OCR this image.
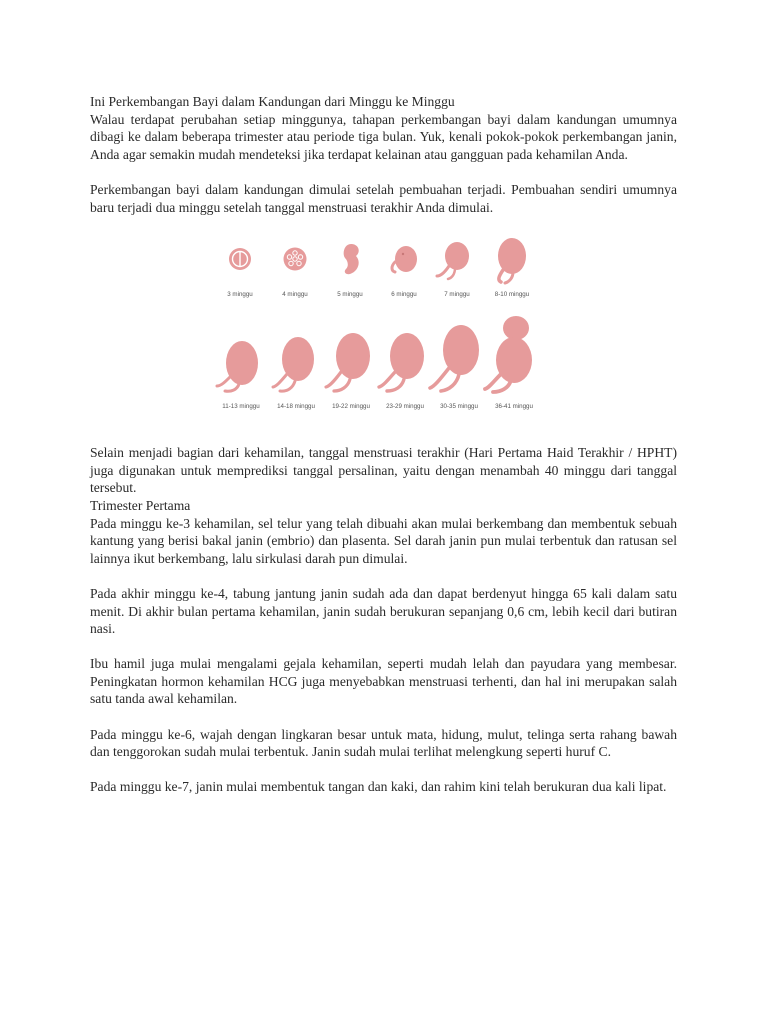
Ini Perkembangan Bayi dalam Kandungan dari Minggu ke Minggu

Walau terdapat perubahan setiap minggunya, tahapan perkembangan bayi dalam kandungan umumnya dibagi ke dalam beberapa trimester atau periode tiga bulan. Yuk, kenali pokok-pokok perkembangan janin, Anda agar semakin mudah mendeteksi jika terdapat kelainan atau gangguan pada kehamilan Anda.

Perkembangan bayi dalam kandungan dimulai setelah pembuahan terjadi. Pembuahan sendiri umumnya baru terjadi dua minggu setelah tanggal menstruasi terakhir Anda dimulai.

3 minggu	4 minggu	5 minggu	6 minggu	7 minggu	8-10 minggu
11-13 minggu	14-18 minggu	19-22 minggu	23-29 minggu	30-35 minggu	36-41 minggu

Selain menjadi bagian dari kehamilan, tanggal menstruasi terakhir (Hari Pertama Haid Terakhir / HPHT) juga digunakan untuk memprediksi tanggal persalinan, yaitu dengan menambah 40 minggu dari tanggal tersebut.

Trimester Pertama

Pada minggu ke-3 kehamilan, sel telur yang telah dibuahi akan mulai berkembang dan membentuk sebuah kantung yang berisi bakal janin (embrio) dan plasenta. Sel darah janin pun mulai terbentuk dan ratusan sel lainnya ikut berkembang, lalu sirkulasi darah pun dimulai.

Pada akhir minggu ke-4, tabung jantung janin sudah ada dan dapat berdenyut hingga 65 kali dalam satu menit. Di akhir bulan pertama kehamilan, janin sudah berukuran sepanjang 0,6 cm, lebih kecil dari butiran nasi.

Ibu hamil juga mulai mengalami gejala kehamilan, seperti mudah lelah dan payudara yang membesar. Peningkatan hormon kehamilan HCG juga menyebabkan menstruasi terhenti, dan hal ini merupakan salah satu tanda awal kehamilan.

Pada minggu ke-6, wajah dengan lingkaran besar untuk mata, hidung, mulut, telinga serta rahang bawah dan tenggorokan sudah mulai terbentuk. Janin sudah mulai terlihat melengkung seperti huruf C.

Pada minggu ke-7, janin mulai membentuk tangan dan kaki, dan rahim kini telah berukuran dua kali lipat.
